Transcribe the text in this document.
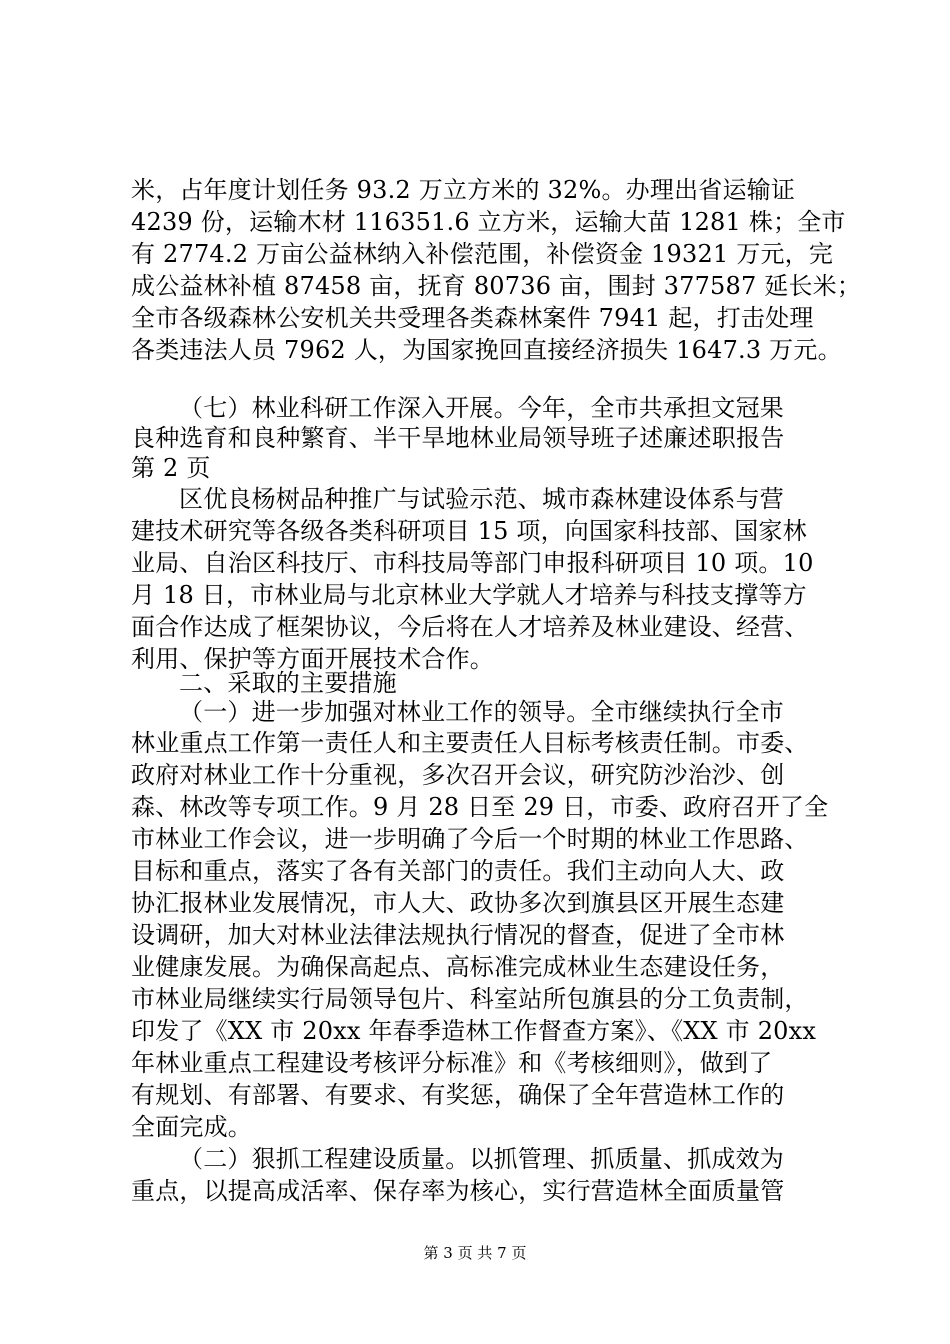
米，占年度计划任务 93.2 万立方米的 32%。办理出省运输证
4239 份，运输木材 116351.6 立方米，运输大苗 1281 株；全市
有 2774.2 万亩公益林纳入补偿范围，补偿资金 19321 万元，完
成公益林补植 87458 亩，抚育 80736 亩，围封 377587 延长米；
全市各级森林公安机关共受理各类森林案件 7941 起，打击处理
各类违法人员 7962 人，为国家挽回直接经济损失 1647.3 万元。
（七）林业科研工作深入开展。今年，全市共承担文冠果
良种选育和良种繁育、半干旱地林业局领导班子述廉述职报告
第 2 页
区优良杨树品种推广与试验示范、城市森林建设体系与营
建技术研究等各级各类科研项目 15 项，向国家科技部、国家林
业局、自治区科技厅、市科技局等部门申报科研项目 10 项。10
月 18 日，市林业局与北京林业大学就人才培养与科技支撑等方
面合作达成了框架协议，今后将在人才培养及林业建设、经营、
利用、保护等方面开展技术合作。
二、采取的主要措施
（一）进一步加强对林业工作的领导。全市继续执行全市
林业重点工作第一责任人和主要责任人目标考核责任制。市委、
政府对林业工作十分重视，多次召开会议，研究防沙治沙、创
森、林改等专项工作。9 月 28 日至 29 日，市委、政府召开了全
市林业工作会议，进一步明确了今后一个时期的林业工作思路、
目标和重点，落实了各有关部门的责任。我们主动向人大、政
协汇报林业发展情况，市人大、政协多次到旗县区开展生态建
设调研，加大对林业法律法规执行情况的督查，促进了全市林
业健康发展。为确保高起点、高标准完成林业生态建设任务，
市林业局继续实行局领导包片、科室站所包旗县的分工负责制，
印发了《XX 市 20xx 年春季造林工作督查方案》、《XX 市 20xx
年林业重点工程建设考核评分标准》和《考核细则》，做到了
有规划、有部署、有要求、有奖惩，确保了全年营造林工作的
全面完成。
（二）狠抓工程建设质量。以抓管理、抓质量、抓成效为
重点，以提高成活率、保存率为核心，实行营造林全面质量管
第 3 页 共 7 页
